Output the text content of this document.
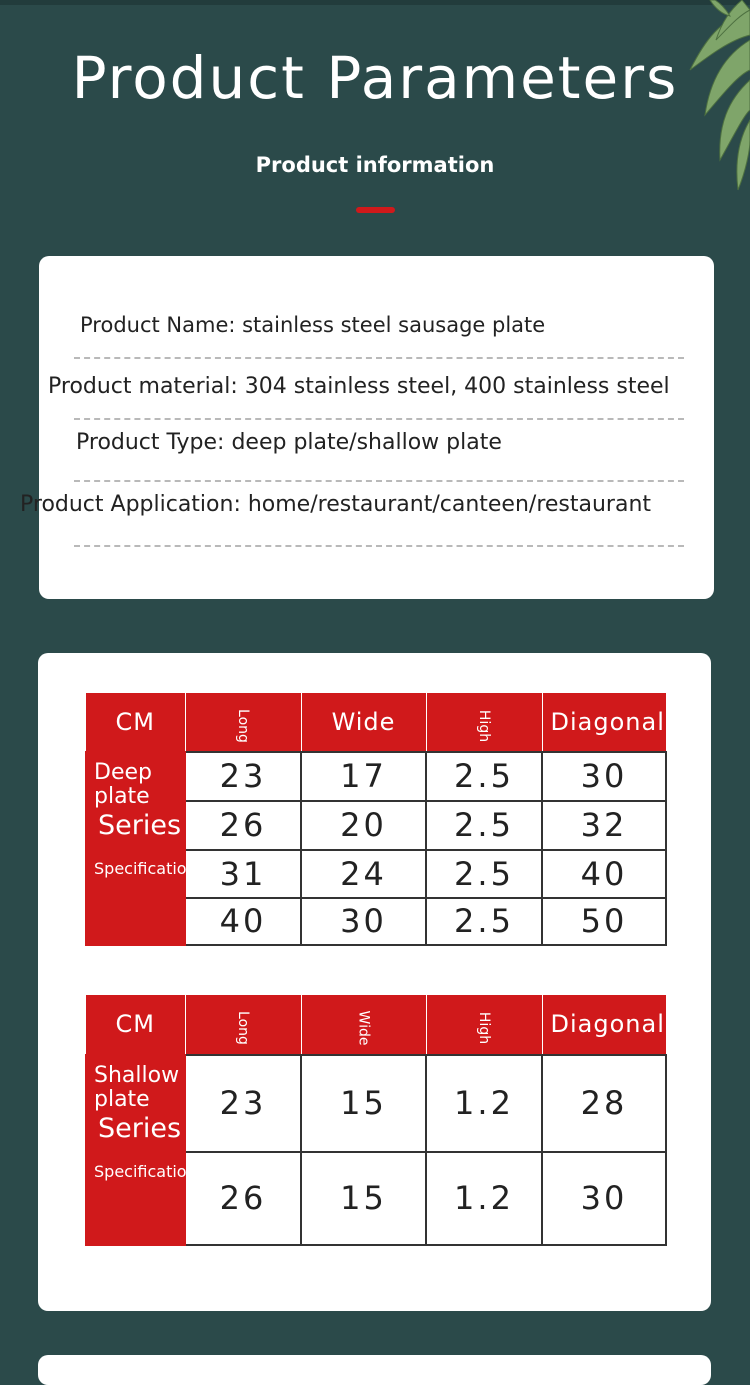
Product Parameters
Product information
Product Name: stainless steel sausage plate
Product material: 304 stainless steel, 400 stainless steel
Product Type: deep plate/shallow plate
Product Application: home/restaurant/canteen/restaurant
CM	Long	Wide	High	Diagonal

Deep
plate
Series
Specification	23	17	2.5	30
	26	20	2.5	32
	31	24	2.5	40
	40	30	2.5	50
CM	Long	Wide	High	Diagonal

Shallow
plate
Series
Specification	23	15	1.2	28
	26	15	1.2	30
